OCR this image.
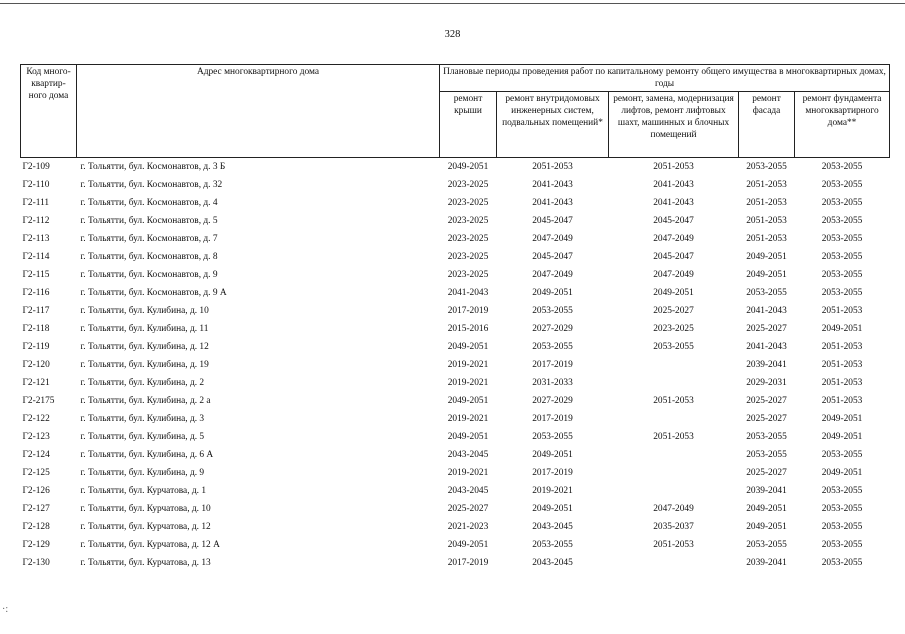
328
Код много-квартир-ного дома	Адрес многоквартирного дома	Плановые периоды проведения работ по капитальному ремонту общего имущества в многоквартирных домах, годы				
		ремонт крыши	ремонт внутридомовых инженерных систем, подвальных помещений*	ремонт, замена, модернизация лифтов, ремонт лифтовых шахт, машинных и блочных помещений	ремонт фасада	ремонт фундамента многоквартирного дома**
Г2-109	г. Тольятти, бул. Космонавтов, д. 3 Б	2049-2051	2051-2053	2051-2053	2053-2055	2053-2055
Г2-110	г. Тольятти, бул. Космонавтов, д. 32	2023-2025	2041-2043	2041-2043	2051-2053	2053-2055
Г2-111	г. Тольятти, бул. Космонавтов, д. 4	2023-2025	2041-2043	2041-2043	2051-2053	2053-2055
Г2-112	г. Тольятти, бул. Космонавтов, д. 5	2023-2025	2045-2047	2045-2047	2051-2053	2053-2055
Г2-113	г. Тольятти, бул. Космонавтов, д. 7	2023-2025	2047-2049	2047-2049	2051-2053	2053-2055
Г2-114	г. Тольятти, бул. Космонавтов, д. 8	2023-2025	2045-2047	2045-2047	2049-2051	2053-2055
Г2-115	г. Тольятти, бул. Космонавтов, д. 9	2023-2025	2047-2049	2047-2049	2049-2051	2053-2055
Г2-116	г. Тольятти, бул. Космонавтов, д. 9 А	2041-2043	2049-2051	2049-2051	2053-2055	2053-2055
Г2-117	г. Тольятти, бул. Кулибина, д. 10	2017-2019	2053-2055	2025-2027	2041-2043	2051-2053
Г2-118	г. Тольятти, бул. Кулибина, д. 11	2015-2016	2027-2029	2023-2025	2025-2027	2049-2051
Г2-119	г. Тольятти, бул. Кулибина, д. 12	2049-2051	2053-2055	2053-2055	2041-2043	2051-2053
Г2-120	г. Тольятти, бул. Кулибина, д. 19	2019-2021	2017-2019		2039-2041	2051-2053
Г2-121	г. Тольятти, бул. Кулибина, д. 2	2019-2021	2031-2033		2029-2031	2051-2053
Г2-2175	г. Тольятти, бул. Кулибина, д. 2 а	2049-2051	2027-2029	2051-2053	2025-2027	2051-2053
Г2-122	г. Тольятти, бул. Кулибина, д. 3	2019-2021	2017-2019		2025-2027	2049-2051
Г2-123	г. Тольятти, бул. Кулибина, д. 5	2049-2051	2053-2055	2051-2053	2053-2055	2049-2051
Г2-124	г. Тольятти, бул. Кулибина, д. 6 А	2043-2045	2049-2051		2053-2055	2053-2055
Г2-125	г. Тольятти, бул. Кулибина, д. 9	2019-2021	2017-2019		2025-2027	2049-2051
Г2-126	г. Тольятти, бул. Курчатова, д. 1	2043-2045	2019-2021		2039-2041	2053-2055
Г2-127	г. Тольятти, бул. Курчатова, д. 10	2025-2027	2049-2051	2047-2049	2049-2051	2053-2055
Г2-128	г. Тольятти, бул. Курчатова, д. 12	2021-2023	2043-2045	2035-2037	2049-2051	2053-2055
Г2-129	г. Тольятти, бул. Курчатова, д. 12 А	2049-2051	2053-2055	2051-2053	2053-2055	2053-2055
Г2-130	г. Тольятти, бул. Курчатова, д. 13	2017-2019	2043-2045		2039-2041	2053-2055
·:
